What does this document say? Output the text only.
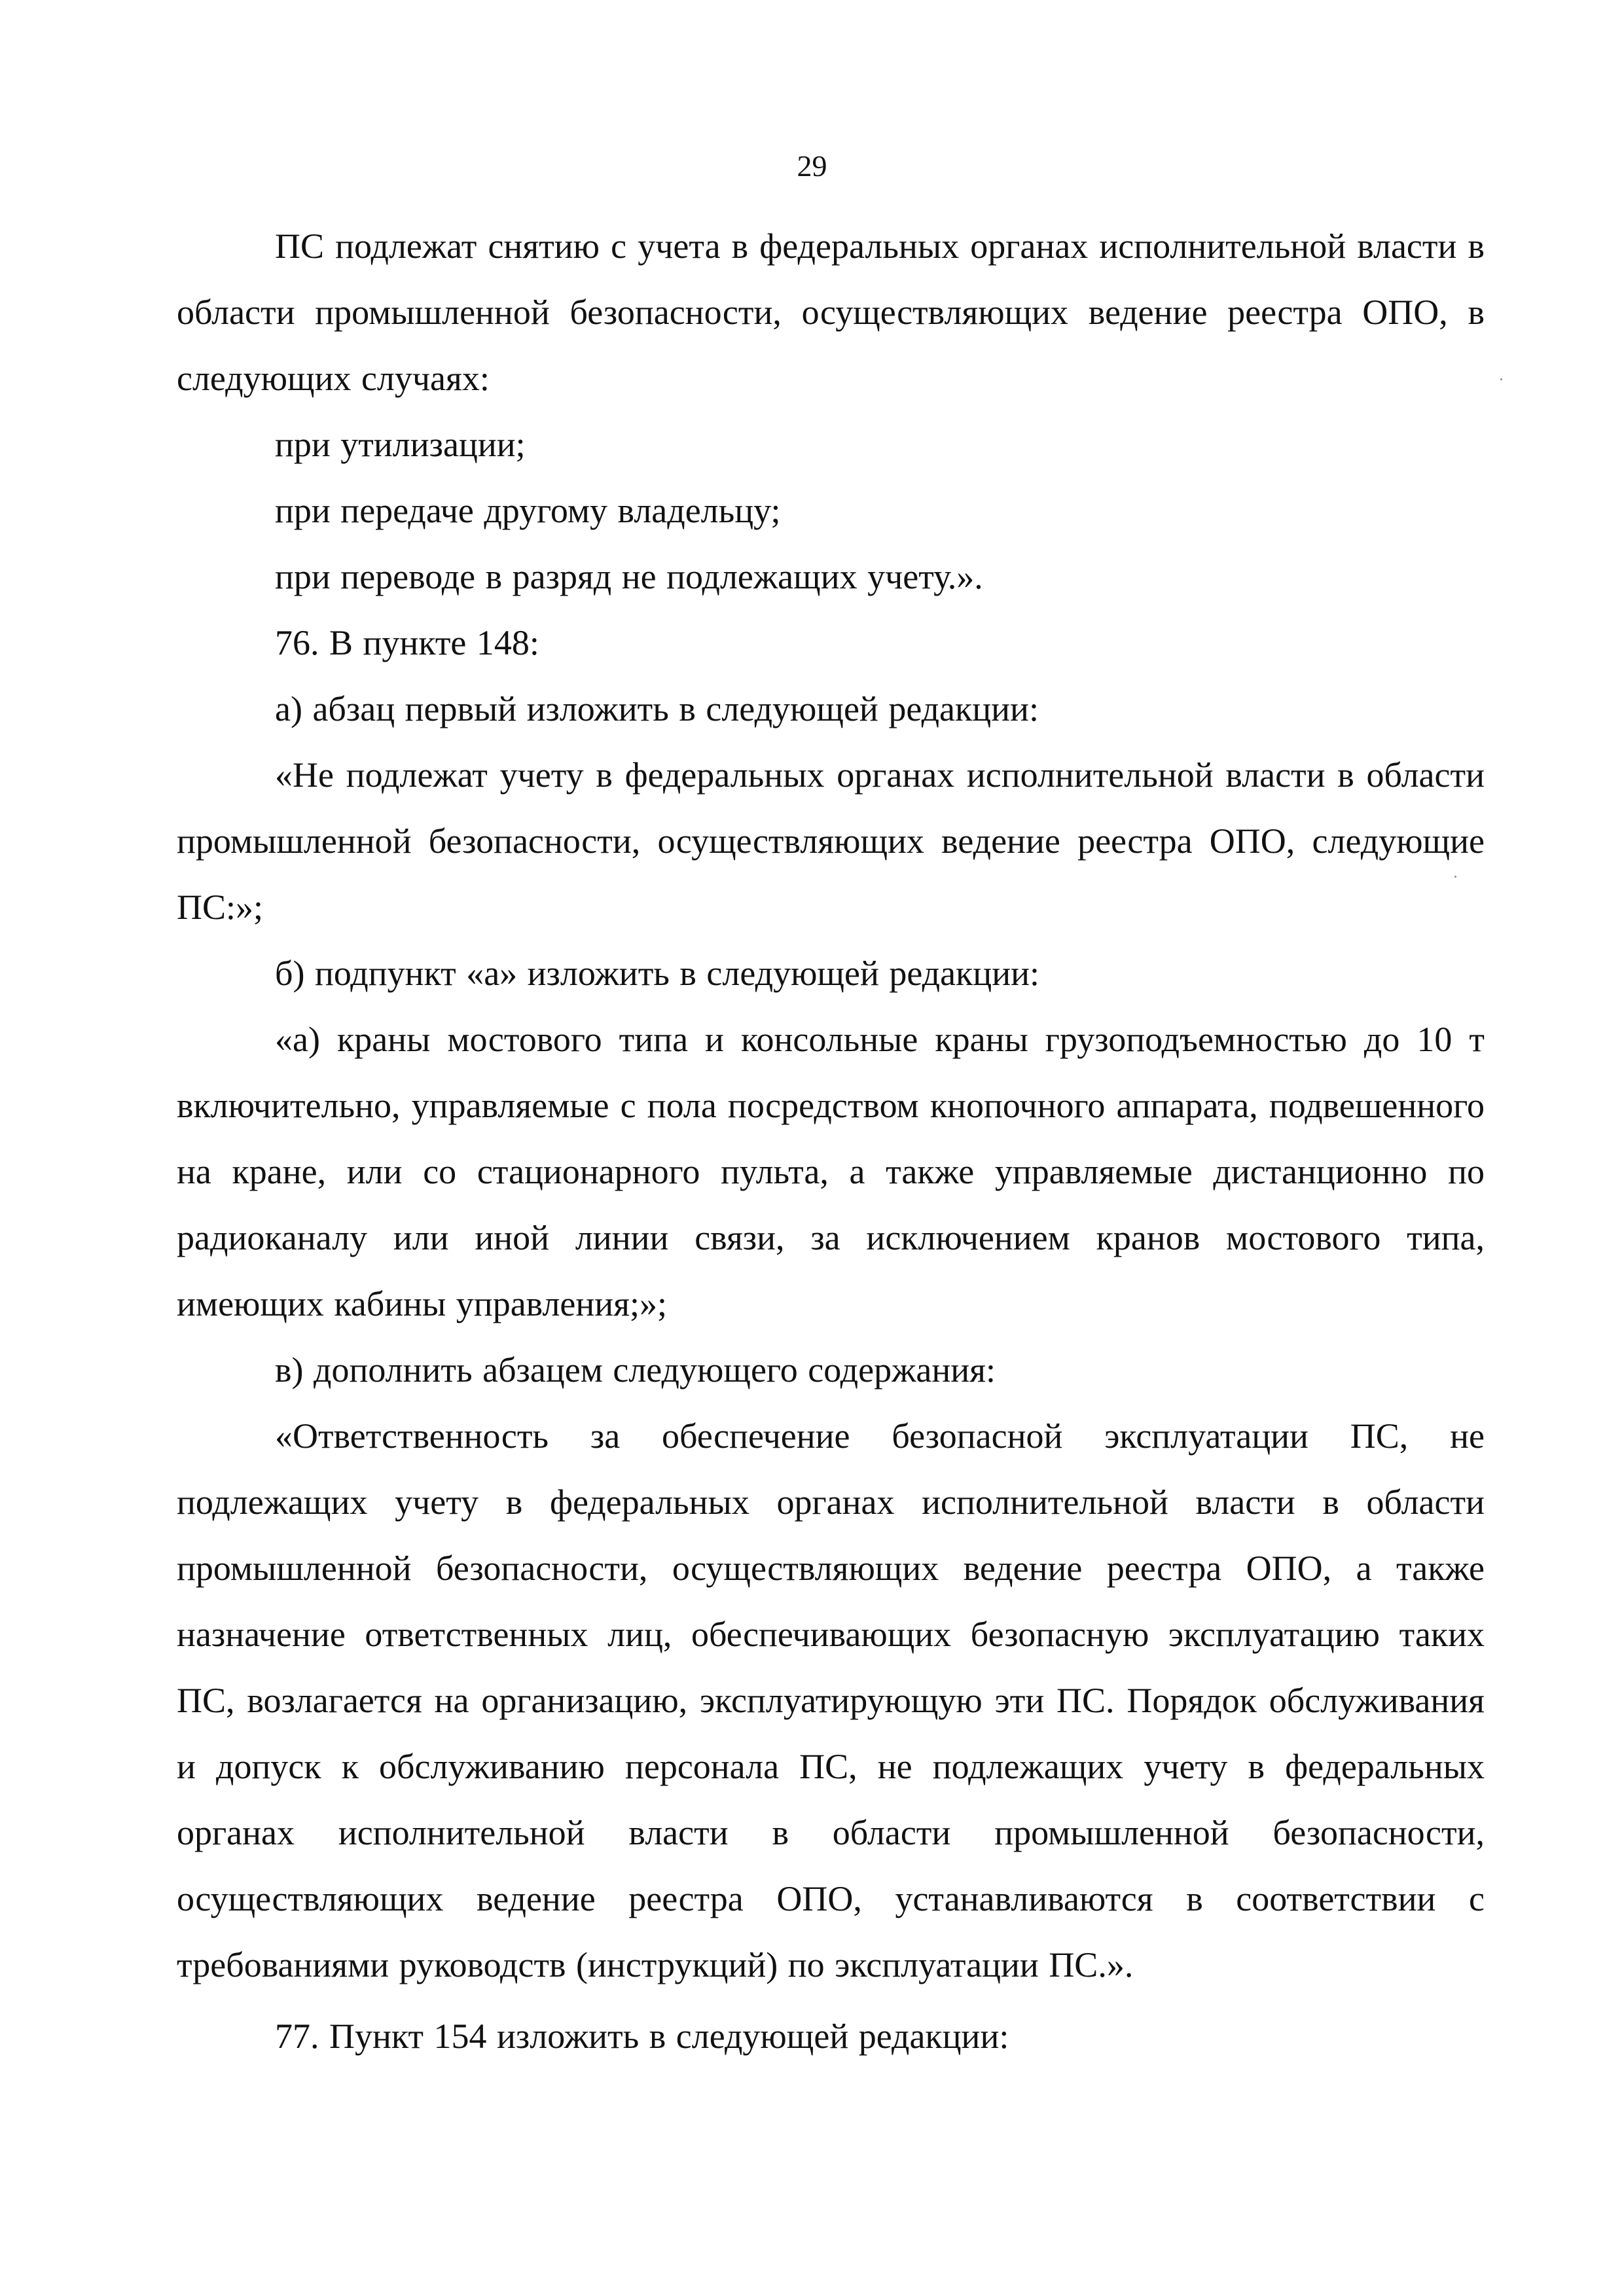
29

ПС подлежат снятию с учета в федеральных органах исполнительной власти в области промышленной безопасности, осуществляющих ведение реестра ОПО, в следующих случаях:

при утилизации;

при передаче другому владельцу;

при переводе в разряд не подлежащих учету.».

76. В пункте 148:

а) абзац первый изложить в следующей редакции:

«Не подлежат учету в федеральных органах исполнительной власти в области промышленной безопасности, осуществляющих ведение реестра ОПО, следующие ПС:»;

б) подпункт «а» изложить в следующей редакции:

«а) краны мостового типа и консольные краны грузоподъемностью до 10 т включительно, управляемые с пола посредством кнопочного аппарата, подвешенного на кране, или со стационарного пульта, а также управляемые дистанционно по радиоканалу или иной линии связи, за исключением кранов мостового типа, имеющих кабины управления;»;

в) дополнить абзацем следующего содержания:

«Ответственность за обеспечение безопасной эксплуатации ПС, не подлежащих учету в федеральных органах исполнительной власти в области промышленной безопасности, осуществляющих ведение реестра ОПО, а также назначение ответственных лиц, обеспечивающих безопасную эксплуатацию таких ПС, возлагается на организацию, эксплуатирующую эти ПС. Порядок обслуживания и допуск к обслуживанию персонала ПС, не подлежащих учету в федеральных органах исполнительной власти в области промышленной безопасности, осуществляющих ведение реестра ОПО, устанавливаются в соответствии с требованиями руководств (инструкций) по эксплуатации ПС.».

77. Пункт 154 изложить в следующей редакции:
